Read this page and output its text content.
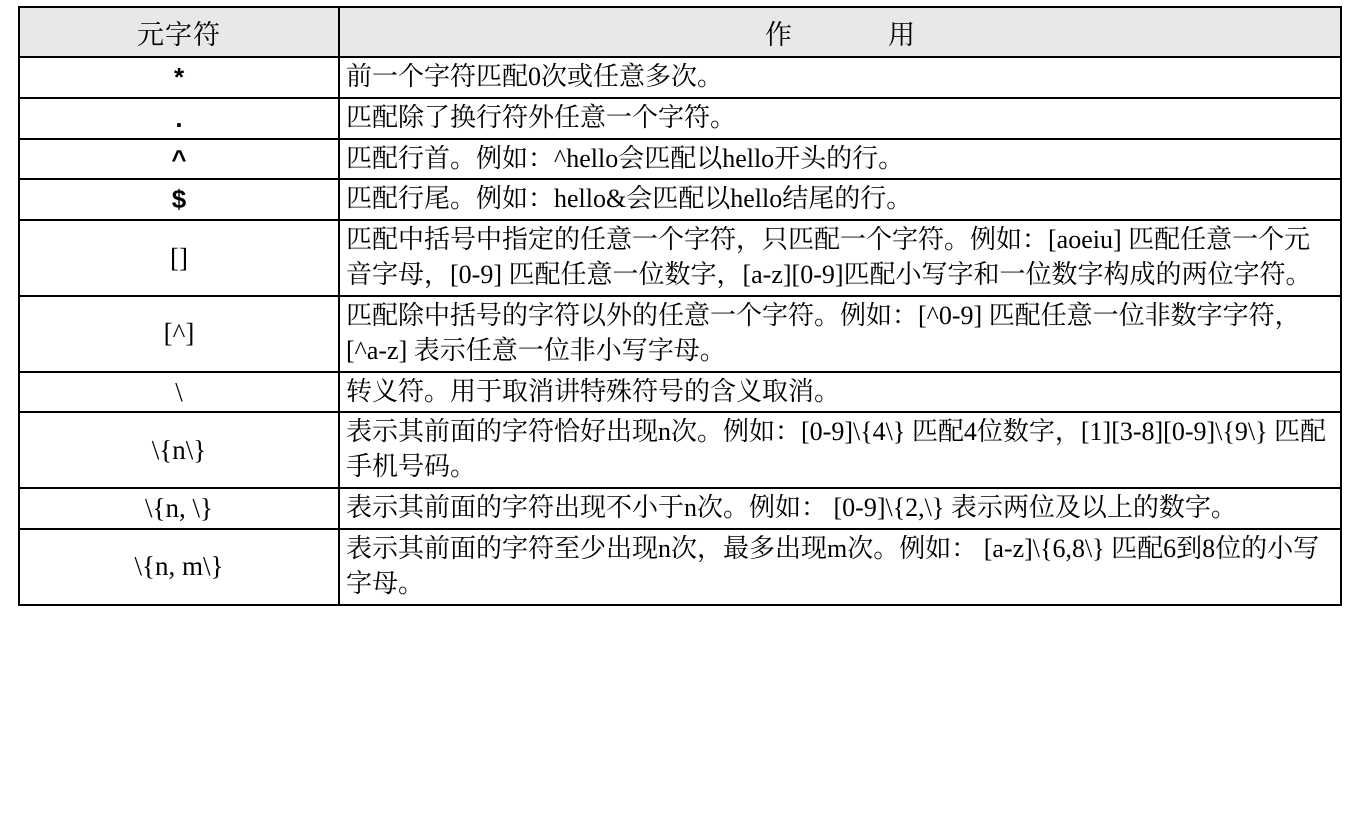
元字符	作　　用
*	前一个字符匹配0次或任意多次。
.	匹配除了换行符外任意一个字符。
^	匹配行首。例如：^hello会匹配以hello开头的行。
$	匹配行尾。例如：hello&会匹配以hello结尾的行。
[]	匹配中括号中指定的任意一个字符，只匹配一个字符。例如：[aoeiu] 匹配任意一个元音字母，[0-9] 匹配任意一位数字，[a-z][0-9]匹配小写字和一位数字构成的两位字符。
[^]	匹配除中括号的字符以外的任意一个字符。例如：[^0-9] 匹配任意一位非数字字符，[^a-z] 表示任意一位非小写字母。
\	转义符。用于取消讲特殊符号的含义取消。
\{n\}	表示其前面的字符恰好出现n次。例如：[0-9]\{4\} 匹配4位数字，[1][3-8][0-9]\{9\} 匹配手机号码。
\{n, \}	表示其前面的字符出现不小于n次。例如： [0-9]\{2,\} 表示两位及以上的数字。
\{n, m\}	表示其前面的字符至少出现n次，最多出现m次。例如： [a-z]\{6,8\} 匹配6到8位的小写字母。
